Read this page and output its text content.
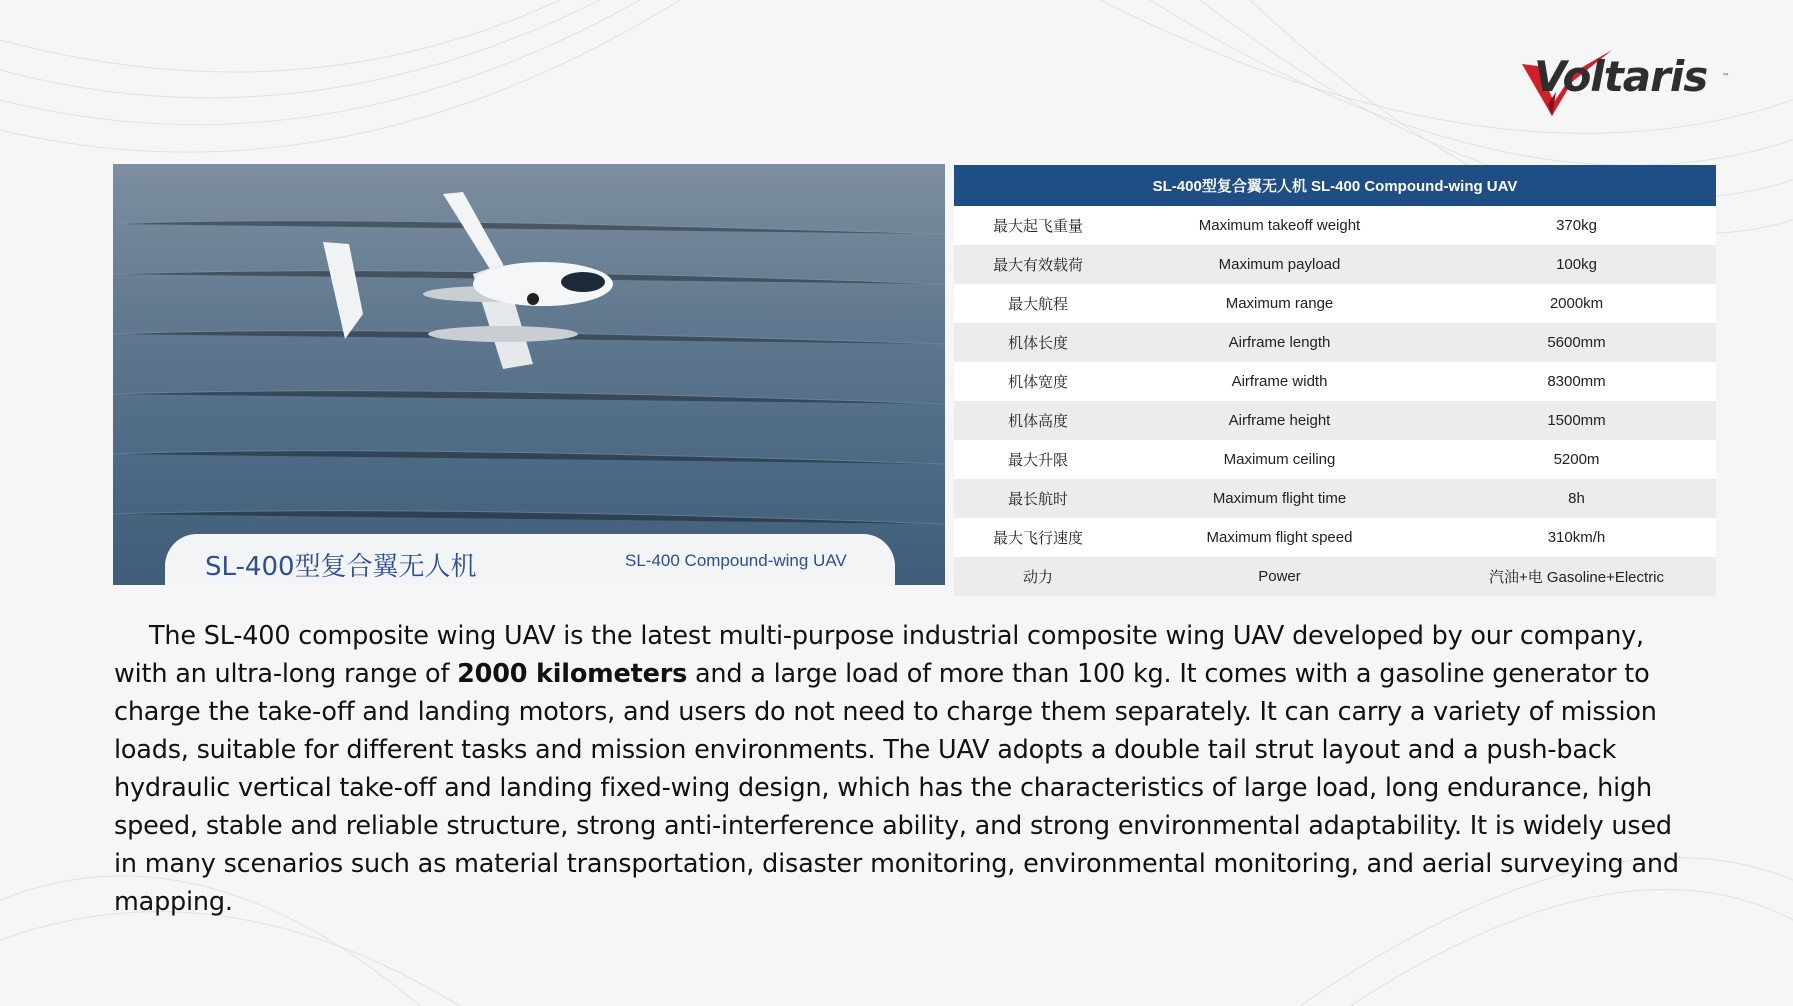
Voltaris ™
SL-400型复合翼无人机	SL-400 Compound-wing UAV
SL-400型复合翼无人机 SL-400 Compound-wing UAV		
最大起飞重量	Maximum takeoff weight	370kg
最大有效载荷	Maximum payload	100kg
最大航程	Maximum range	2000km
机体长度	Airframe length	5600mm
机体宽度	Airframe width	8300mm
机体高度	Airframe height	1500mm
最大升限	Maximum ceiling	5200m
最长航时	Maximum flight time	8h
最大飞行速度	Maximum flight speed	310km/h
动力	Power	汽油+电 Gasoline+Electric

The SL-400 composite wing UAV is the latest multi-purpose industrial composite wing UAV developed by our company, with an ultra-long range of 2000 kilometers and a large load of more than 100 kg. It comes with a gasoline generator to charge the take-off and landing motors, and users do not need to charge them separately. It can carry a variety of mission loads, suitable for different tasks and mission environments. The UAV adopts a double tail strut layout and a push-back hydraulic vertical take-off and landing fixed-wing design, which has the characteristics of large load, long endurance, high speed, stable and reliable structure, strong anti-interference ability, and strong environmental adaptability. It is widely used in many scenarios such as material transportation, disaster monitoring, environmental monitoring, and aerial surveying and mapping.
